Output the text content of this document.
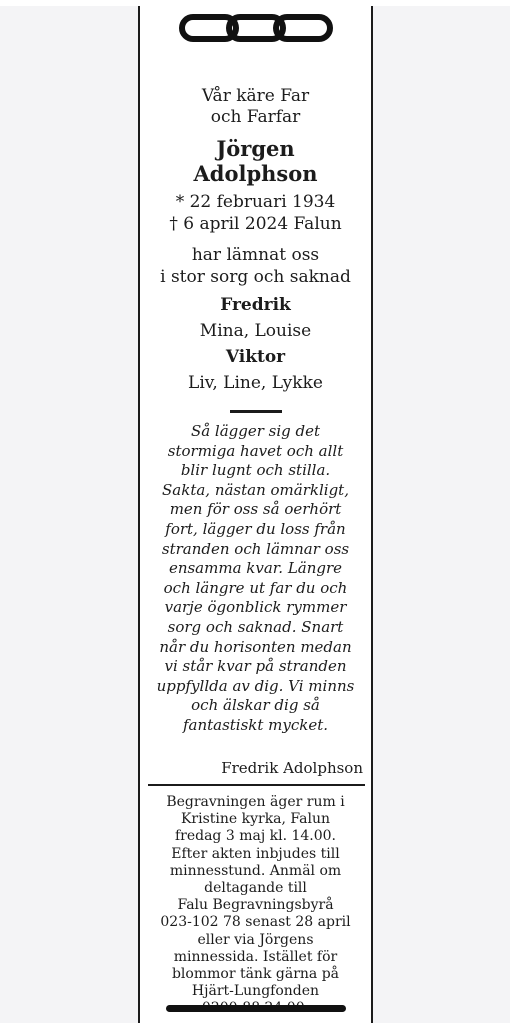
Vår käre Far
och Farfar
Jörgen
Adolphson
* 22 februari 1934
† 6 april 2024 Falun
har lämnat oss
i stor sorg och saknad
Fredrik
Mina, Louise
Viktor
Liv, Line, Lykke
Så lägger sig det
stormiga havet och allt
blir lugnt och stilla.
Sakta, nästan omärkligt,
men för oss så oerhört
fort, lägger du loss från
stranden och lämnar oss
ensamma kvar. Längre
och längre ut far du och
varje ögonblick rymmer
sorg och saknad. Snart
når du horisonten medan
vi står kvar på stranden
uppfyllda av dig. Vi minns
och älskar dig så
fantastiskt mycket.
Fredrik Adolphson
Begravningen äger rum i
Kristine kyrka, Falun
fredag 3 maj kl. 14.00.
Efter akten inbjudes till
minnesstund. Anmäl om
deltagande till
Falu Begravningsbyrå
023-102 78 senast 28 april
eller via Jörgens
minnessida. Istället för
blommor tänk gärna på
Hjärt-Lungfonden
